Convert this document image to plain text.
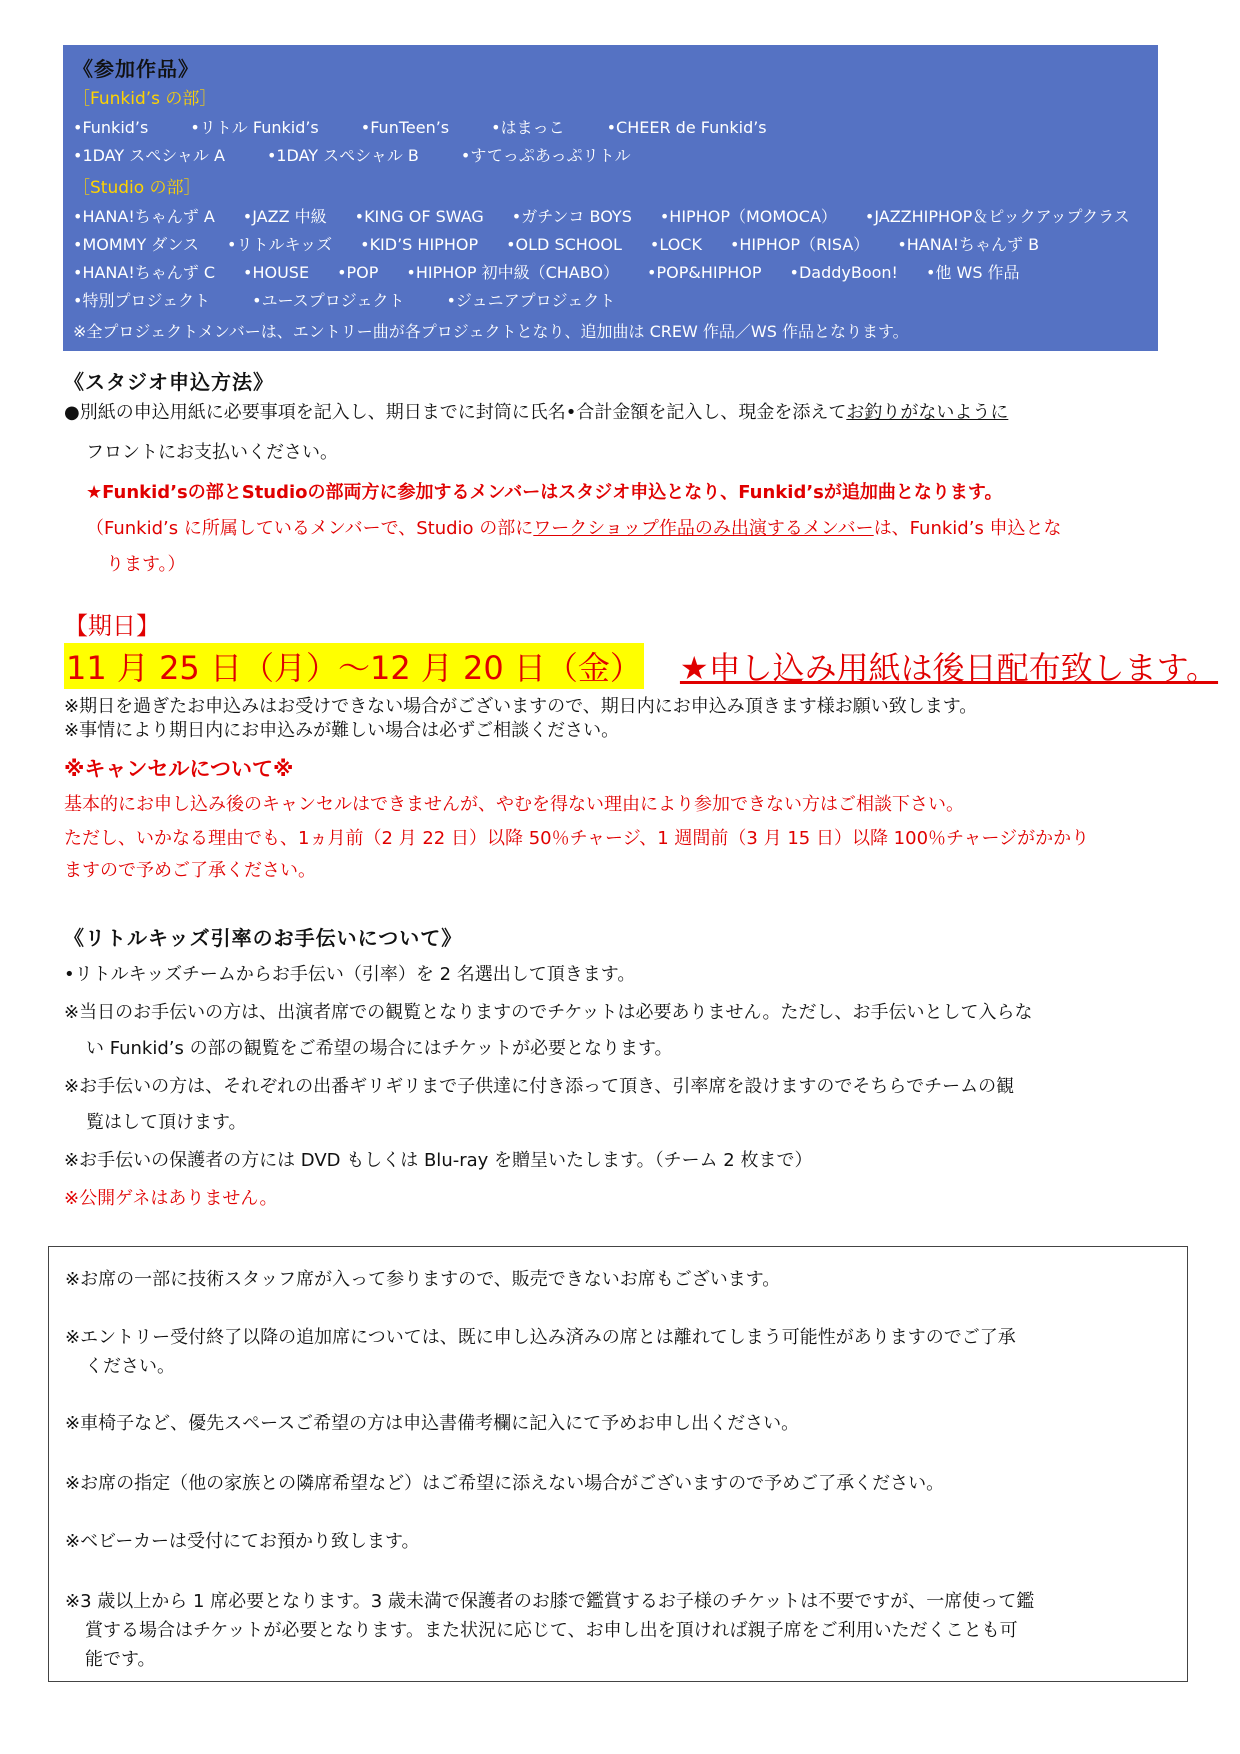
《参加作品》
［Funkid’s の部］
•Funkid’s	•リトル Funkid’s	•FunTeen’s	•はまっこ	•CHEER de Funkid’s
•1DAY スペシャル A	•1DAY スペシャル B	•すてっぷあっぷリトル
［Studio の部］
•HANA!ちゃんず A •JAZZ 中級 •KING OF SWAG •ガチンコ BOYS •HIPHOP（MOMOCA） •JAZZHIPHOP＆ピックアップクラス
•MOMMY ダンス •リトルキッズ •KID’S HIPHOP •OLD SCHOOL •LOCK •HIPHOP（RISA） •HANA!ちゃんず B
•HANA!ちゃんず C •HOUSE •POP •HIPHOP 初中級（CHABO） •POP&HIPHOP •DaddyBoon! •他 WS 作品
•特別プロジェクト	•ユースプロジェクト	•ジュニアプロジェクト
※全プロジェクトメンバーは、エントリー曲が各プロジェクトとなり、追加曲は CREW 作品／WS 作品となります。
《スタジオ申込方法》
●別紙の申込用紙に必要事項を記入し、期日までに封筒に氏名•合計金額を記入し、現金を添えてお釣りがないように
フロントにお支払いください。
★Funkid’sの部とStudioの部両方に参加するメンバーはスタジオ申込となり、Funkid’sが追加曲となります。
（Funkid’s に所属しているメンバーで、Studio の部にワークショップ作品のみ出演するメンバーは、Funkid’s 申込とな
ります。）
【期日】
11 月 25 日（月）～12 月 20 日（金） ★申し込み用紙は後日配布致します。
※期日を過ぎたお申込みはお受けできない場合がございますので、期日内にお申込み頂きます様お願い致します。
※事情により期日内にお申込みが難しい場合は必ずご相談ください。
※キャンセルについて※
基本的にお申し込み後のキャンセルはできませんが、やむを得ない理由により参加できない方はご相談下さい。
ただし、いかなる理由でも、1ヵ月前（2 月 22 日）以降 50％チャージ、1 週間前（3 月 15 日）以降 100％チャージがかかり
ますので予めご了承ください。
《リトルキッズ引率のお手伝いについて》
•リトルキッズチームからお手伝い（引率）を 2 名選出して頂きます。
※当日のお手伝いの方は、出演者席での観覧となりますのでチケットは必要ありません。ただし、お手伝いとして入らな
い Funkid’s の部の観覧をご希望の場合にはチケットが必要となります。
※お手伝いの方は、それぞれの出番ギリギリまで子供達に付き添って頂き、引率席を設けますのでそちらでチームの観
覧はして頂けます。
※お手伝いの保護者の方には DVD もしくは Blu-ray を贈呈いたします。（チーム 2 枚まで）
※公開ゲネはありません。

※お席の一部に技術スタッフ席が入って参りますので、販売できないお席もございます。

※エントリー受付終了以降の追加席については、既に申し込み済みの席とは離れてしまう可能性がありますのでご了承

ください。

※車椅子など、優先スペースご希望の方は申込書備考欄に記入にて予めお申し出ください。

※お席の指定（他の家族との隣席希望など）はご希望に添えない場合がございますので予めご了承ください。

※ベビーカーは受付にてお預かり致します。

※3 歳以上から 1 席必要となります。3 歳未満で保護者のお膝で鑑賞するお子様のチケットは不要ですが、一席使って鑑

賞する場合はチケットが必要となります。また状況に応じて、お申し出を頂ければ親子席をご利用いただくことも可

能です。
